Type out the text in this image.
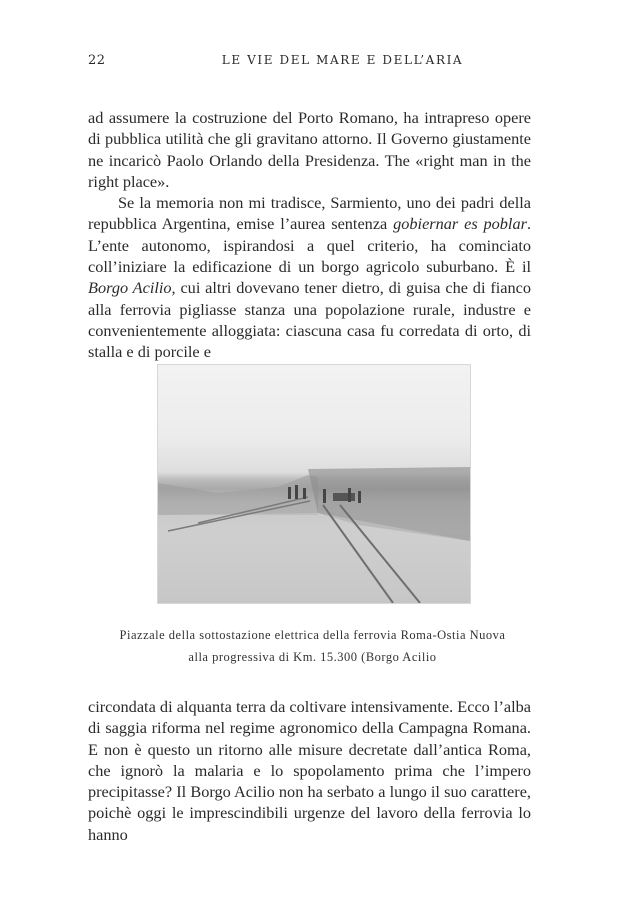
22	LE VIE DEL MARE E DELL’ARIA

ad assumere la costruzione del Porto Romano, ha intrapreso opere di pubblica utilità che gli gravitano attorno. Il Governo giustamente ne incaricò Paolo Orlando della Presidenza. The «right man in the right place».

Se la memoria non mi tradisce, Sarmiento, uno dei padri della repubblica Argentina, emise l’aurea sentenza gobiernar es poblar. L’ente autonomo, ispirandosi a quel criterio, ha cominciato coll’iniziare la edificazione di un borgo agricolo suburbano. È il Borgo Acilio, cui altri dovevano tener dietro, di guisa che di fianco alla ferrovia pigliasse stanza una popolazione rurale, industre e convenientemente alloggiata: ciascuna casa fu corredata di orto, di stalla e di porcile e

Piazzale della sottostazione elettrica della ferrovia Roma-Ostia Nuova
alla progressiva di Km. 15.300 (Borgo Acilio

circondata di alquanta terra da coltivare intensivamente. Ecco l’alba di saggia riforma nel regime agronomico della Campagna Romana. E non è questo un ritorno alle misure decretate dall’antica Roma, che ignorò la malaria e lo spopolamento prima che l’impero precipitasse? Il Borgo Acilio non ha serbato a lungo il suo carattere, poichè oggi le imprescindibili urgenze del lavoro della ferrovia lo hanno
